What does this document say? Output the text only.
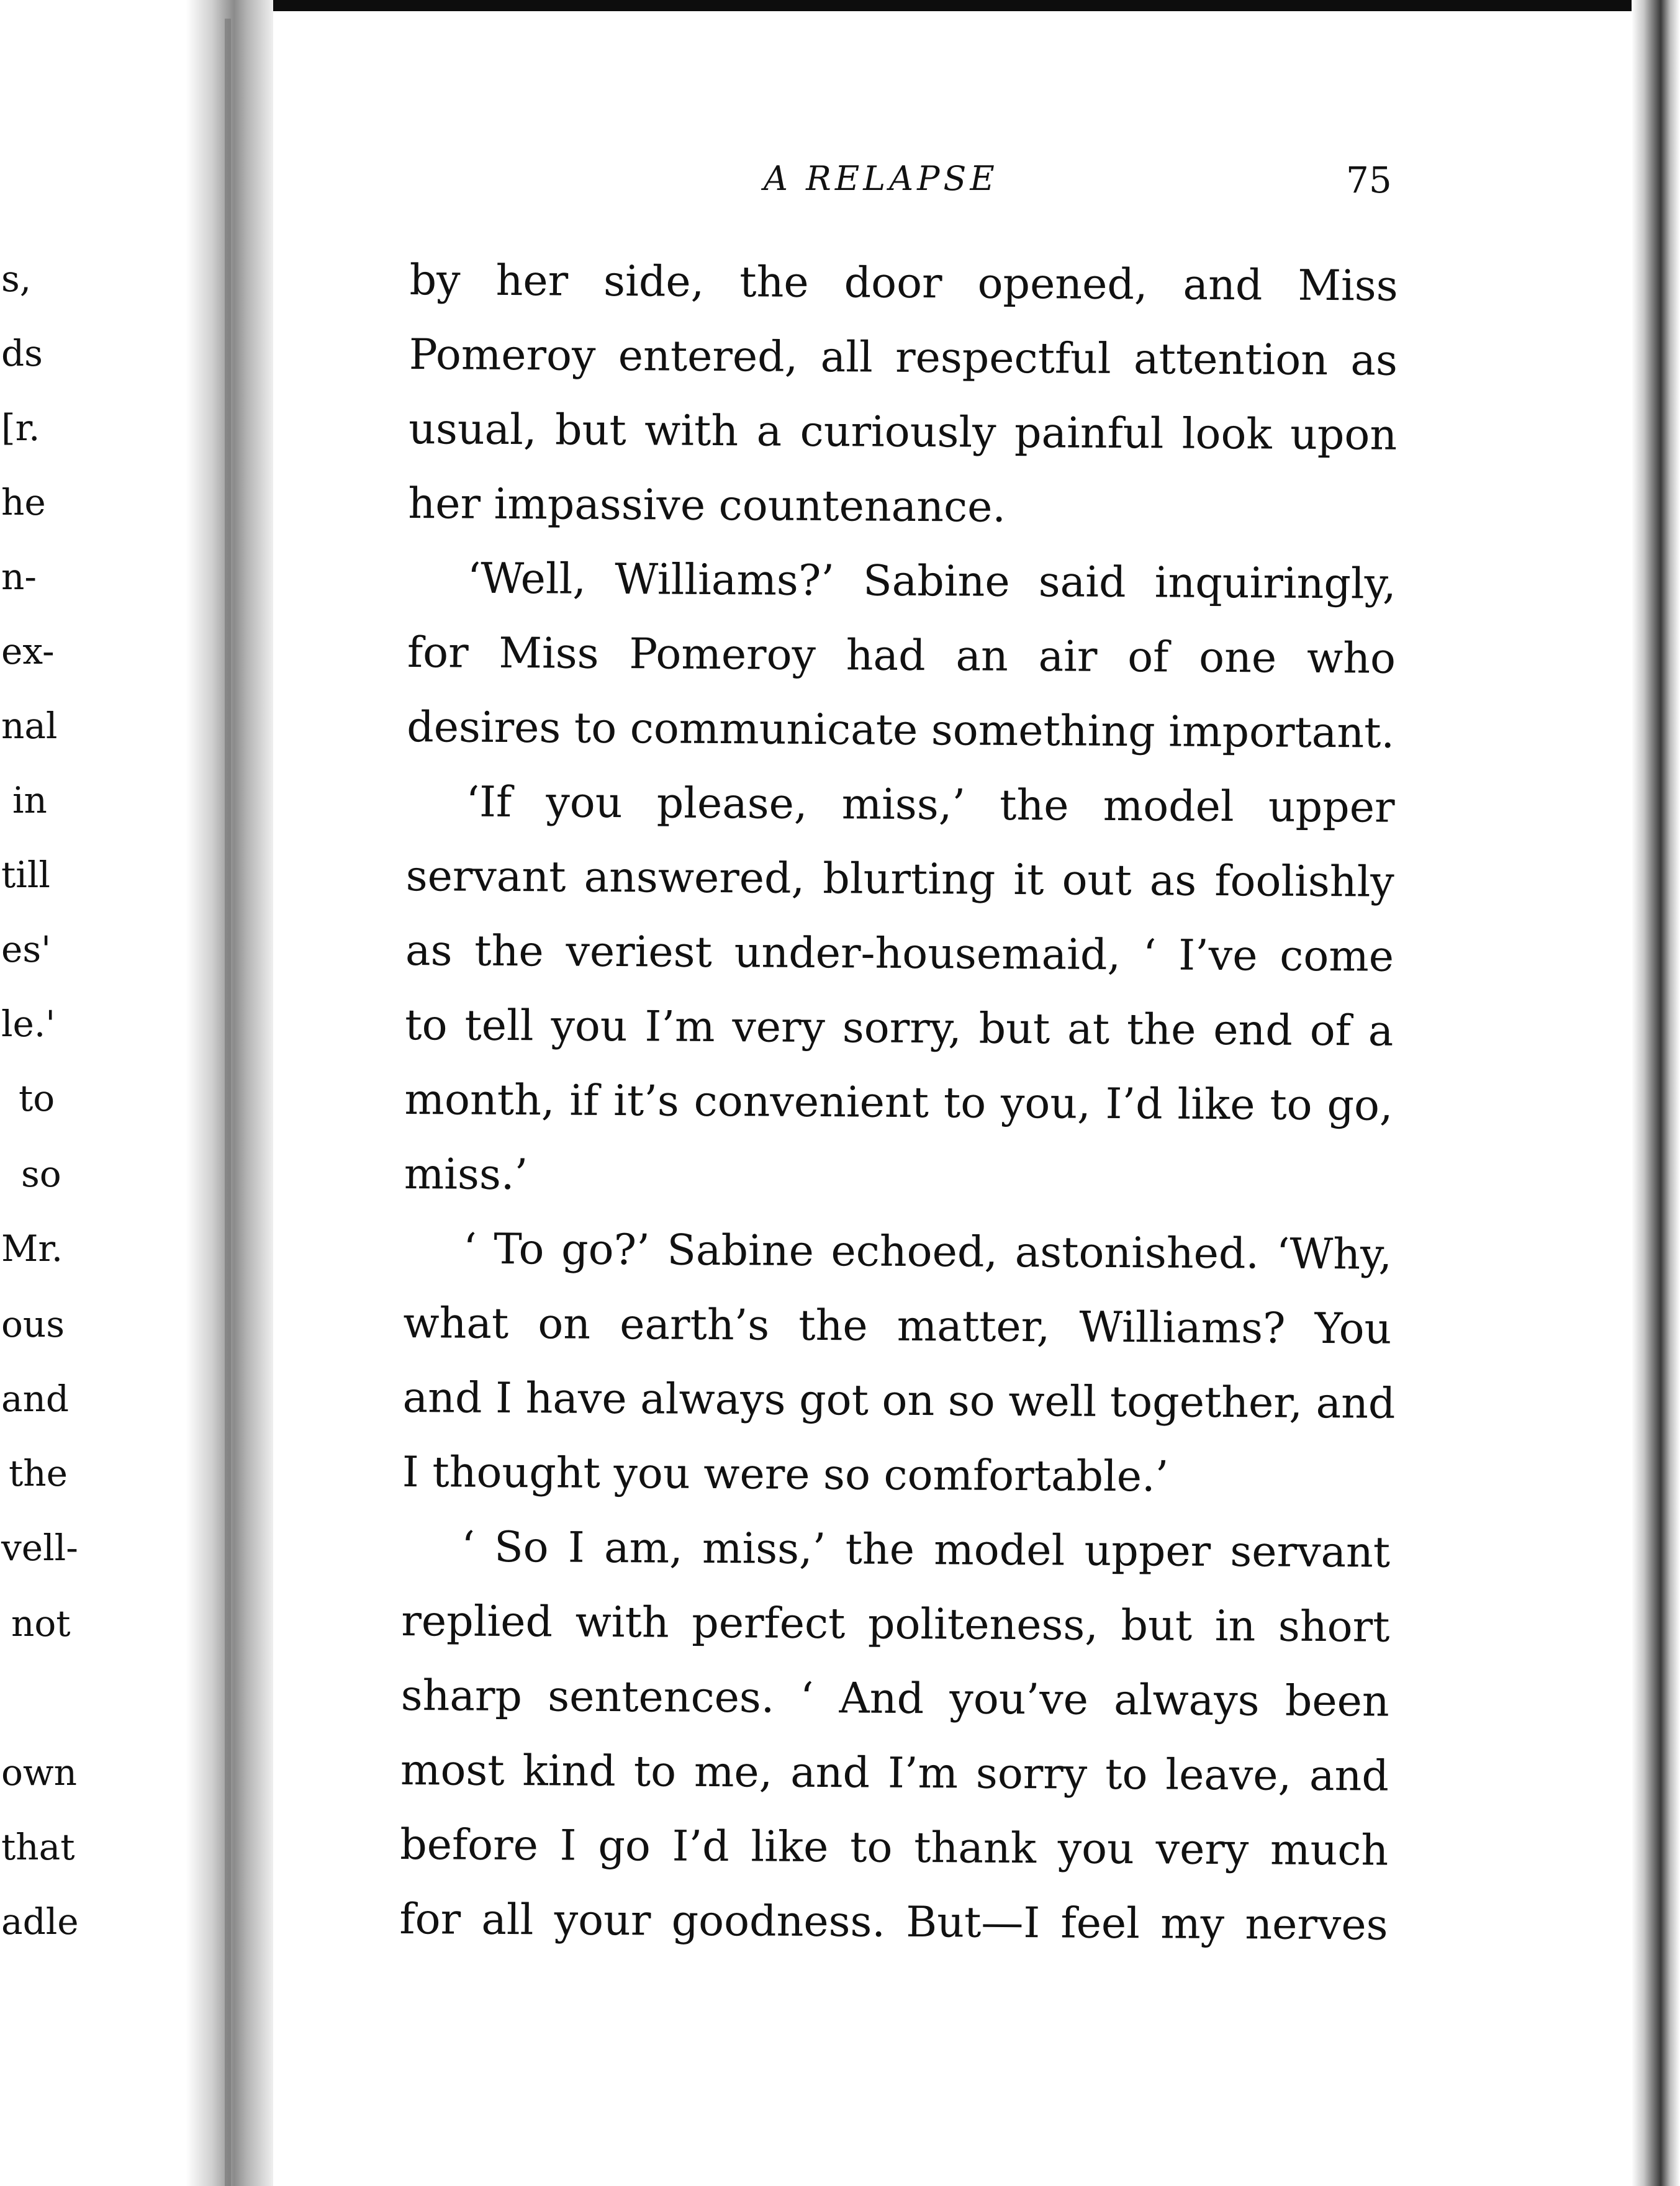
s,
ds
[r.
he
n-
ex-
nal
in
till
es'
le.'
to
so
Mr.
ous
and
the
vell-
not
own
that
adle
A RELAPSE	75
by her side, the door opened, and Miss
Pomeroy entered, all respectful attention as
usual, but with a curiously painful look upon
her impassive countenance.
‘Well, Williams?’ Sabine said inquiringly,
for Miss Pomeroy had an air of one who
desires to communicate something important.
‘If you please, miss,’ the model upper
servant answered, blurting it out as foolishly
as the veriest under-housemaid, ‘ I’ve come
to tell you I’m very sorry, but at the end of a
month, if it’s convenient to you, I’d like to go,
miss.’
‘ To go?’ Sabine echoed, astonished. ‘Why,
what on earth’s the matter, Williams? You
and I have always got on so well together, and
I thought you were so comfortable.’
‘ So I am, miss,’ the model upper servant
replied with perfect politeness, but in short
sharp sentences. ‘ And you’ve always been
most kind to me, and I’m sorry to leave, and
before I go I’d like to thank you very much
for all your goodness. But—I feel my nerves
